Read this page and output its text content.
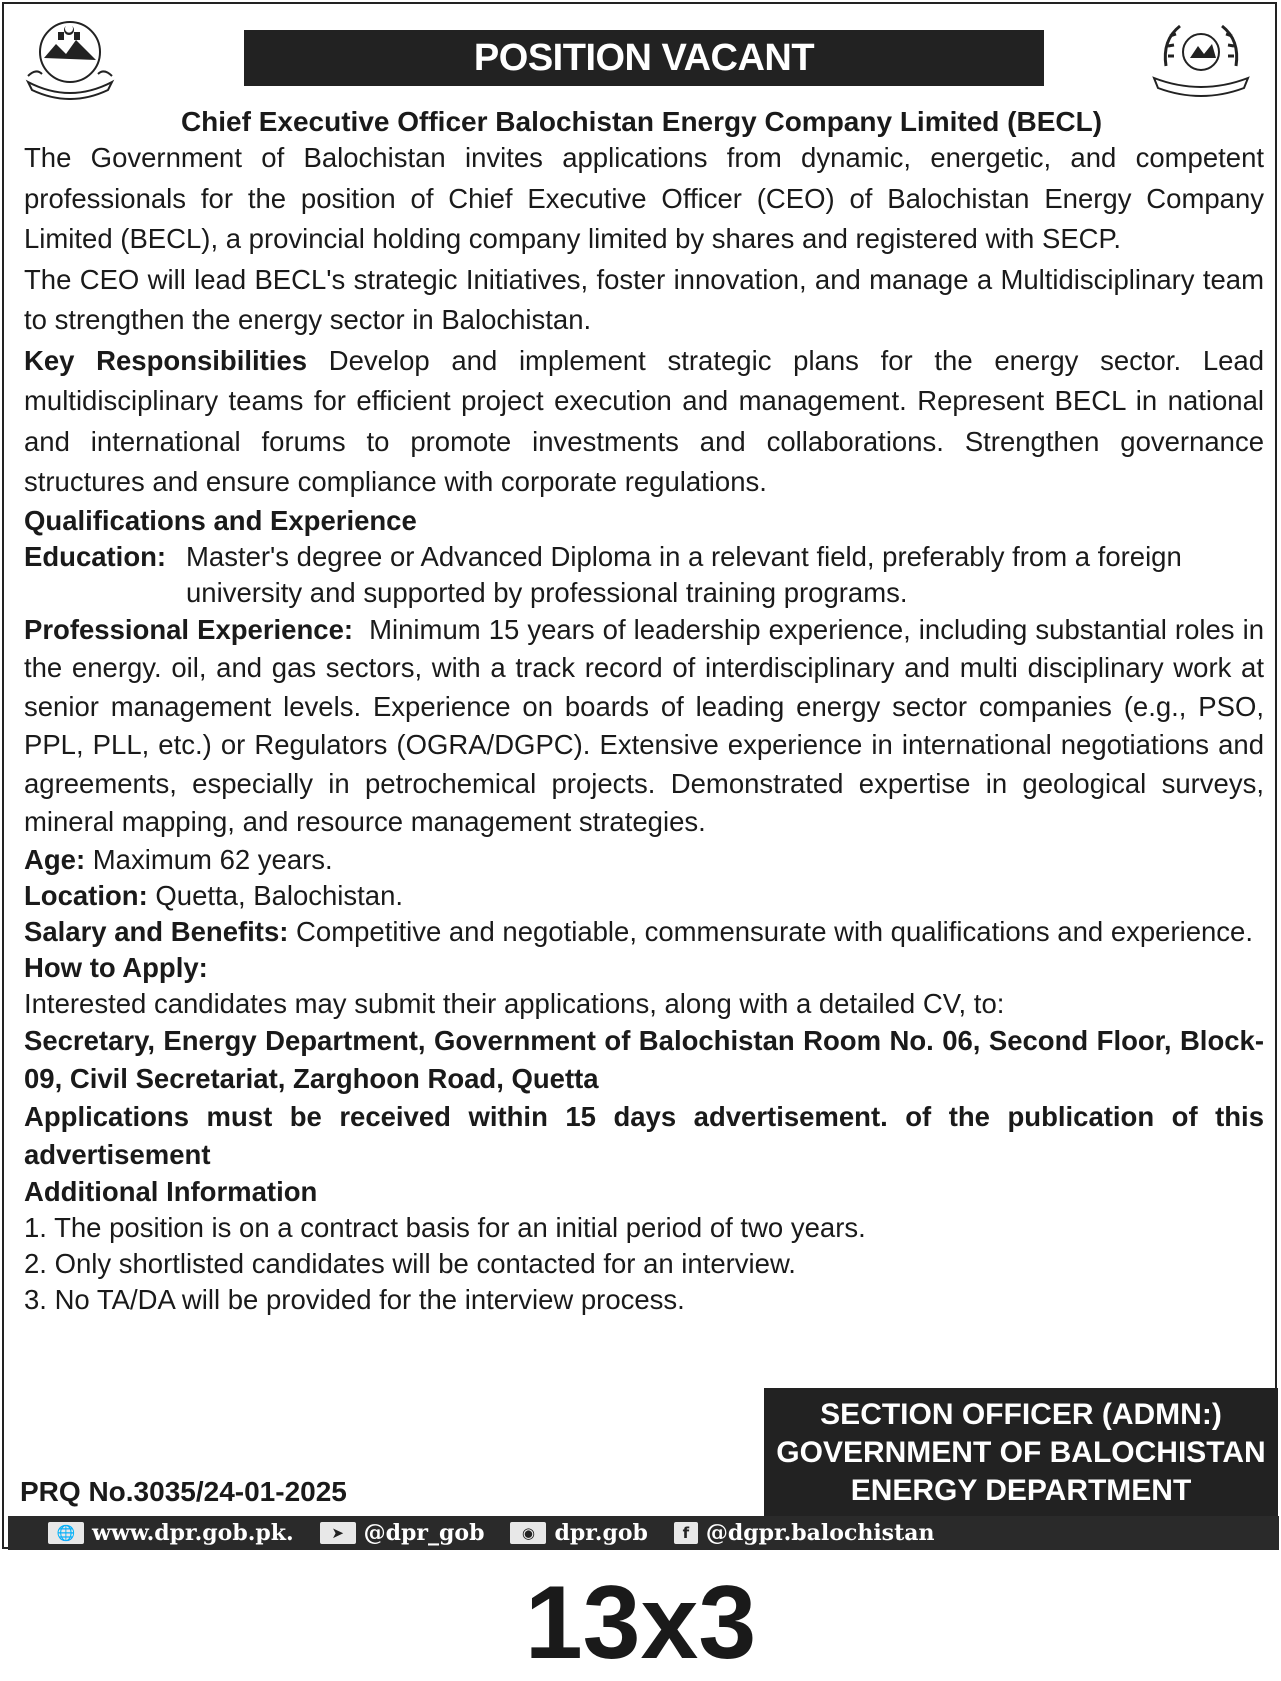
POSITION VACANT
Chief Executive Officer Balochistan Energy Company Limited (BECL)

The Government of Balochistan invites applications from dynamic, energetic, and competent professionals for the position of Chief Executive Officer (CEO) of Balochistan Energy Company Limited (BECL), a provincial holding company limited by shares and registered with SECP.

The CEO will lead BECL's strategic Initiatives, foster innovation, and manage a Multidisciplinary team to strengthen the energy sector in Balochistan.

Key Responsibilities Develop and implement strategic plans for the energy sector. Lead multidisciplinary teams for efficient project execution and management. Represent BECL in national and international forums to promote investments and collaborations. Strengthen governance structures and ensure compliance with corporate regulations.

Qualifications and Experience

Education: Master's degree or Advanced Diploma in a relevant field, preferably from a foreign university and supported by professional training programs.

Professional Experience: Minimum 15 years of leadership experience, including substantial roles in the energy. oil, and gas sectors, with a track record of interdisciplinary and multi disciplinary work at senior management levels. Experience on boards of leading energy sector companies (e.g., PSO, PPL, PLL, etc.) or Regulators (OGRA/DGPC). Extensive experience in international negotiations and agreements, especially in petrochemical projects. Demonstrated expertise in geological surveys, mineral mapping, and resource management strategies.

Age: Maximum 62 years.

Location: Quetta, Balochistan.

Salary and Benefits: Competitive and negotiable, commensurate with qualifications and experience.

How to Apply:

Interested candidates may submit their applications, along with a detailed CV, to:

Secretary, Energy Department, Government of Balochistan Room No. 06, Second Floor, Block-09, Civil Secretariat, Zarghoon Road, Quetta

Applications must be received within 15 days advertisement. of the publication of this advertisement

Additional Information

1. The position is on a contract basis for an initial period of two years.

2. Only shortlisted candidates will be contacted for an interview.

3. No TA/DA will be provided for the interview process.

PRQ No.3035/24-01-2025
SECTION OFFICER (ADMN:)
GOVERNMENT OF BALOCHISTAN
ENERGY DEPARTMENT
🌐 www.dpr.gob.pk.	➤ @dpr_gob	◉ dpr.gob	f @dgpr.balochistan
13x3
